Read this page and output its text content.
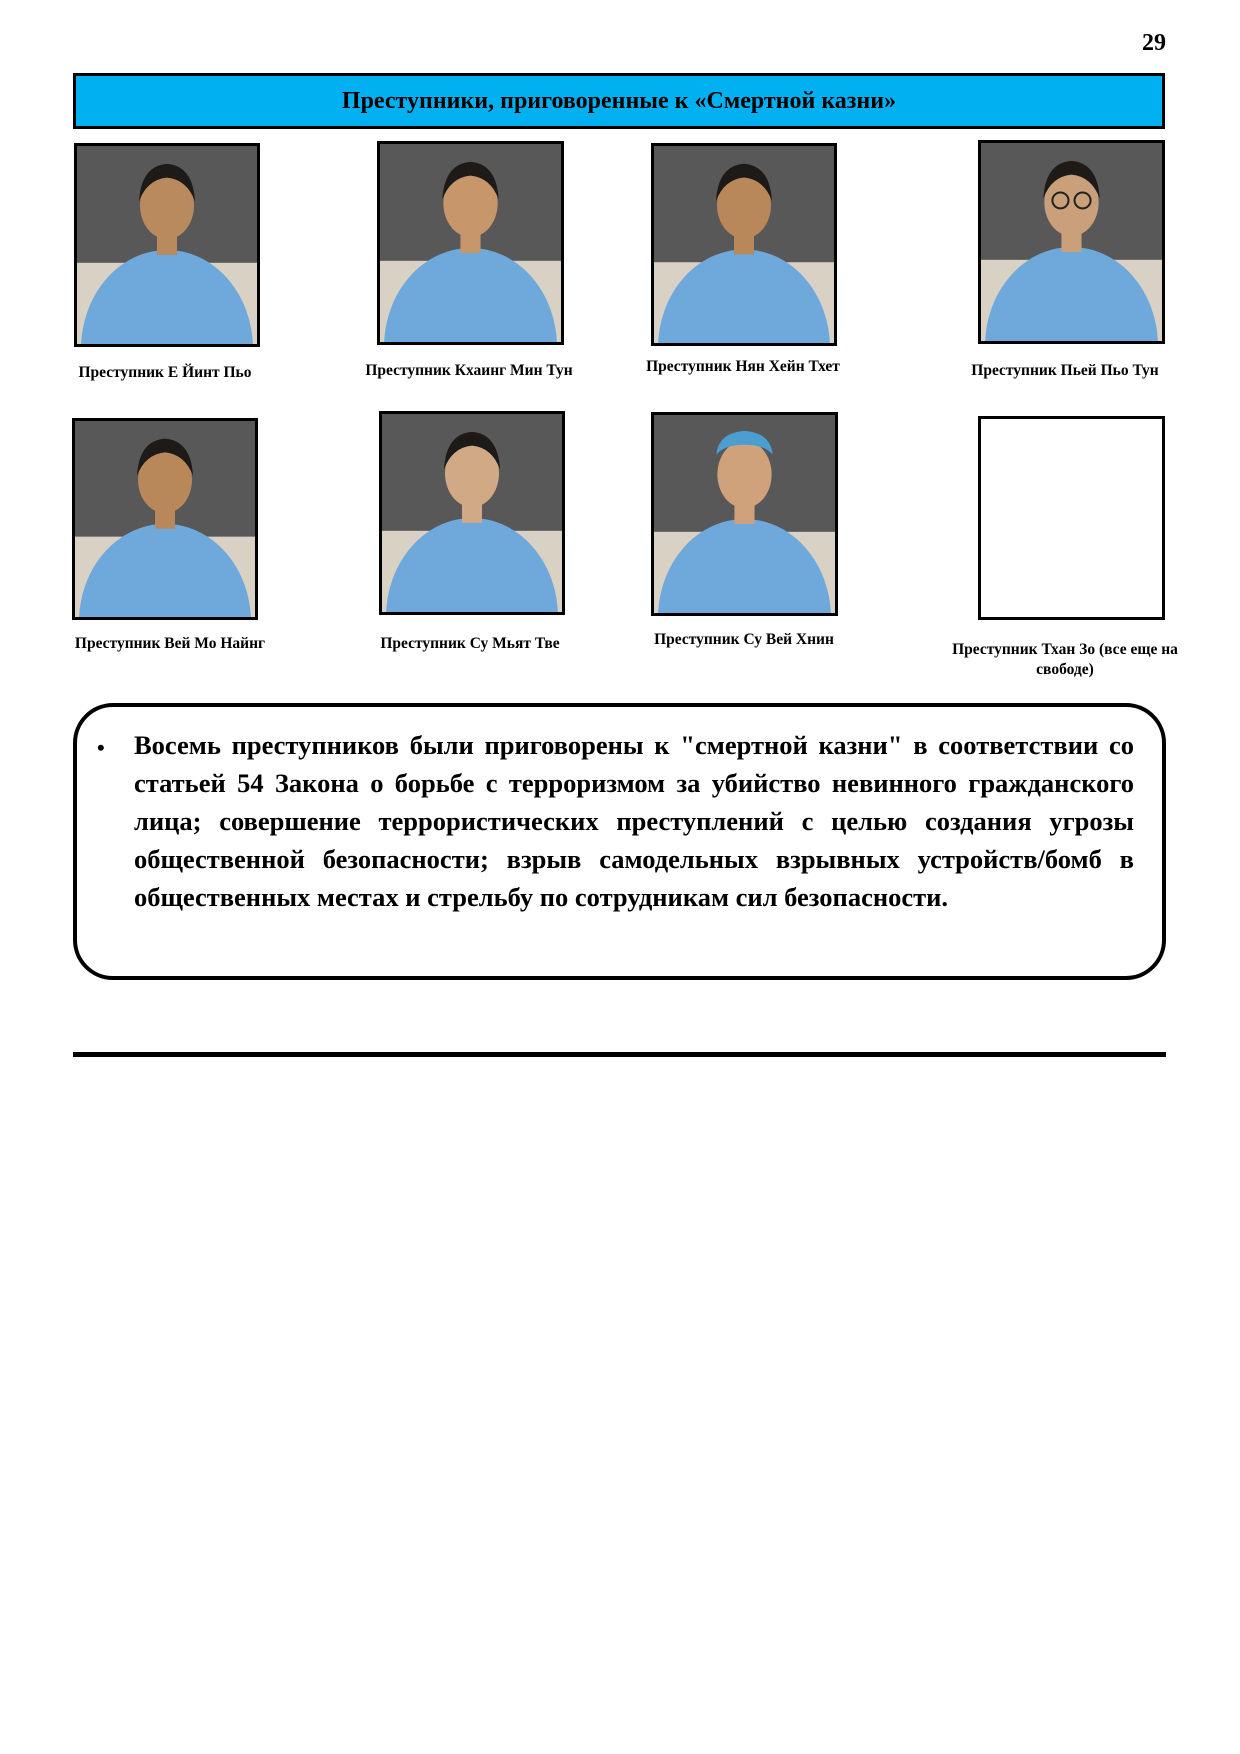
29
Преступники, приговоренные к «Смертной казни»
Преступник Е Йинт Пьо	Преступник Кхаинг Мин Тун	Преступник Нян Хейн Тхет	Преступник Пьей Пьо Тун
Преступник Вей Мо Найнг	Преступник Су Мьят Тве	Преступник Су Вей Хнин
Преступник Тхан Зо (все еще на свободе)
• Восемь преступников были приговорены к "смертной казни" в соответствии со статьей 54 Закона о борьбе с терроризмом за убийство невинного гражданского лица; совершение террористических преступлений с целью создания угрозы общественной безопасности; взрыв самодельных взрывных устройств/бомб в общественных местах и стрельбу по сотрудникам сил безопасности.
